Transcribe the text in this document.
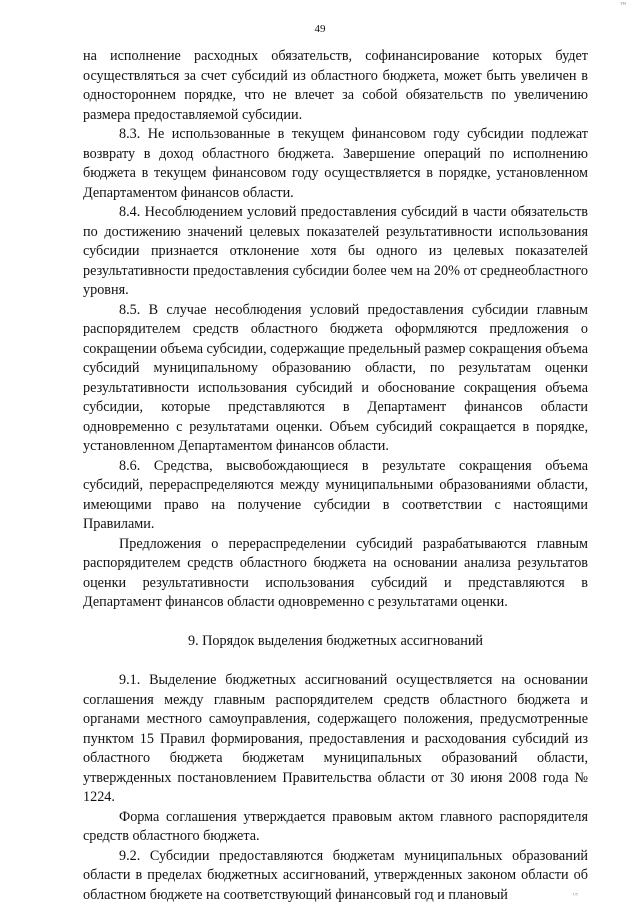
49
™
ᵁᵀ

на исполнение расходных обязательств, софинансирование которых будет осуществляться за счет субсидий из областного бюджета, может быть увеличен в одностороннем порядке, что не влечет за собой обязательств по увеличению размера предоставляемой субсидии.

8.3. Не использованные в текущем финансовом году субсидии подлежат возврату в доход областного бюджета. Завершение операций по исполнению бюджета в текущем финансовом году осуществляется в порядке, установленном Департаментом финансов области.

8.4. Несоблюдением условий предоставления субсидий в части обязательств по достижению значений целевых показателей результативности использования субсидии признается отклонение хотя бы одного из целевых показателей результативности предоставления субсидии более чем на 20% от среднеобластного уровня.

8.5. В случае несоблюдения условий предоставления субсидии главным распорядителем средств областного бюджета оформляются предложения о сокращении объема субсидии, содержащие предельный размер сокращения объема субсидий муниципальному образованию области, по результатам оценки результативности использования субсидий и обоснование сокращения объема субсидии, которые представляются в Департамент финансов области одновременно с результатами оценки. Объем субсидий сокращается в порядке, установленном Департаментом финансов области.

8.6. Средства, высвобождающиеся в результате сокращения объема субсидий, перераспределяются между муниципальными образованиями области, имеющими право на получение субсидии в соответствии с настоящими Правилами.

Предложения о перераспределении субсидий разрабатываются главным распорядителем средств областного бюджета на основании анализа результатов оценки результативности использования субсидий и представляются в Департамент финансов области одновременно с результатами оценки.

9. Порядок выделения бюджетных ассигнований

9.1. Выделение бюджетных ассигнований осуществляется на основании соглашения между главным распорядителем средств областного бюджета и органами местного самоуправления, содержащего положения, предусмотренные пунктом 15 Правил формирования, предоставления и расходования субсидий из областного бюджета бюджетам муниципальных образований области, утвержденных постановлением Правительства области от 30 июня 2008 года № 1224.

Форма соглашения утверждается правовым актом главного распорядителя средств областного бюджета.

9.2. Субсидии предоставляются бюджетам муниципальных образований области в пределах бюджетных ассигнований, утвержденных законом области об областном бюджете на соответствующий финансовый год и плановый
